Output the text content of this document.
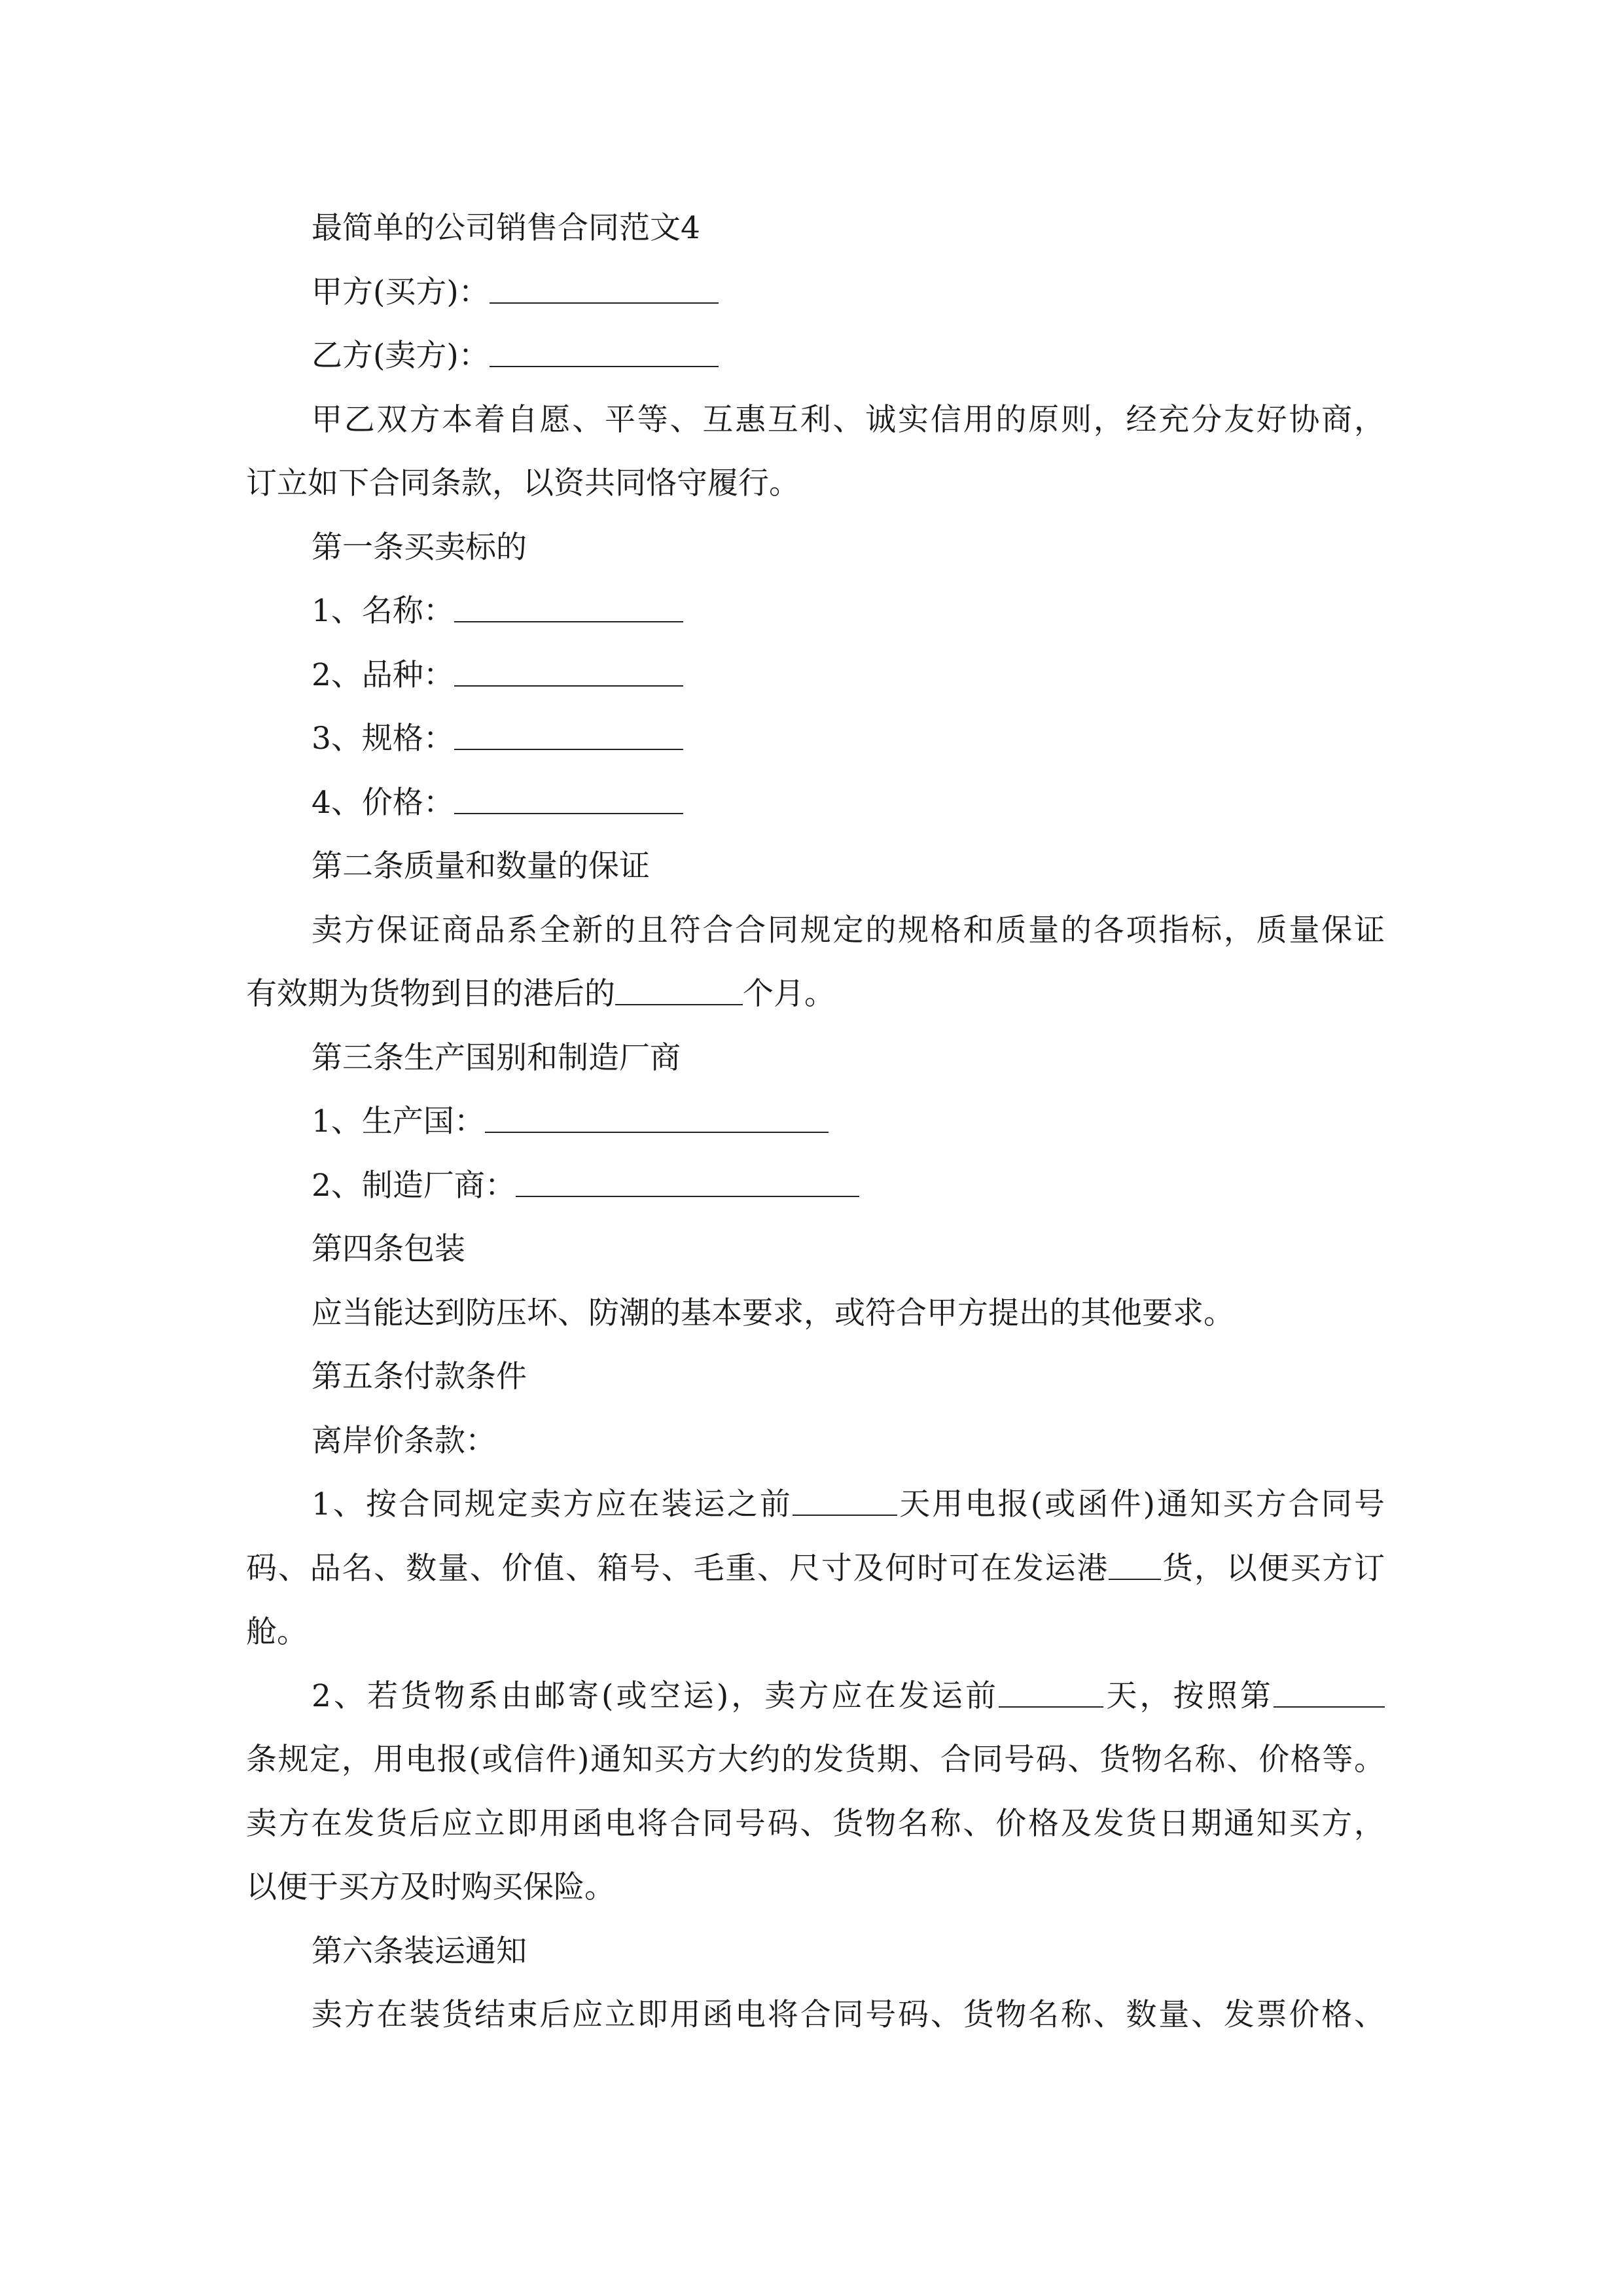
最简单的公司销售合同范文4

甲方(买方)：

乙方(卖方)：

甲乙双方本着自愿、平等、互惠互利、诚实信用的原则，经充分友好协商，

订立如下合同条款，以资共同恪守履行。

第一条买卖标的

1、名称：

2、品种：

3、规格：

4、价格：

第二条质量和数量的保证

卖方保证商品系全新的且符合合同规定的规格和质量的各项指标，质量保证

有效期为货物到目的港后的	个月。

第三条生产国别和制造厂商

1、生产国：

2、制造厂商：

第四条包装

应当能达到防压坏、防潮的基本要求，或符合甲方提出的其他要求。

第五条付款条件

离岸价条款：

1、按合同规定卖方应在装运之前	天用电报(或函件)通知买方合同号

码、品名、数量、价值、箱号、毛重、尺寸及何时可在发运港 货，以便买方订

舱。

2、若货物系由邮寄(或空运)，卖方应在发运前	天，按照第

条规定，用电报(或信件)通知买方大约的发货期、合同号码、货物名称、价格等。

卖方在发货后应立即用函电将合同号码、货物名称、价格及发货日期通知买方，

以便于买方及时购买保险。

第六条装运通知

卖方在装货结束后应立即用函电将合同号码、货物名称、数量、发票价格、
